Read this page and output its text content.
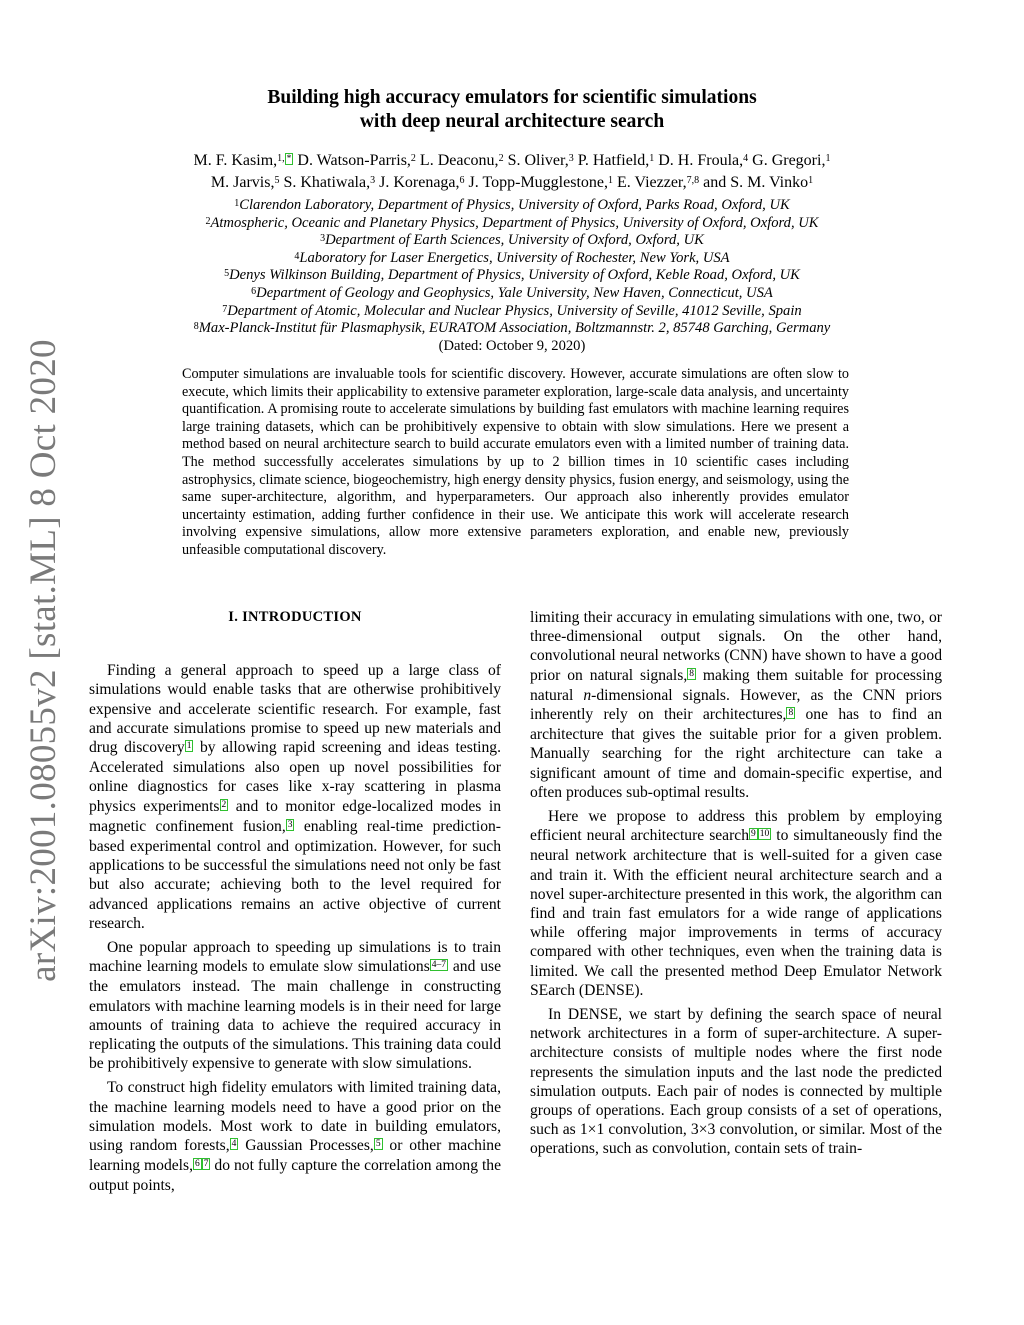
arXiv:2001.08055v2 [stat.ML] 8 Oct 2020
Building high accuracy emulators for scientific simulations
with deep neural architecture search
M. F. Kasim,$^{1, *}$ D. Watson-Parris,$^2$ L. Deaconu,$^2$ S. Oliver,$^3$ P. Hatfield,$^1$ D. H. Froula,$^4$ G. Gregori,$^1$
M. Jarvis,$^5$ S. Khatiwala,$^3$ J. Korenaga,$^6$ J. Topp-Mugglestone,$^1$ E. Viezzer,$^{7,8}$ and S. M. Vinko$^1$
$^1$Clarendon Laboratory, Department of Physics, University of Oxford, Parks Road, Oxford, UK
$^2$Atmospheric, Oceanic and Planetary Physics, Department of Physics, University of Oxford, Oxford, UK
$^3$Department of Earth Sciences, University of Oxford, Oxford, UK
$^4$Laboratory for Laser Energetics, University of Rochester, New York, USA
$^5$Denys Wilkinson Building, Department of Physics, University of Oxford, Keble Road, Oxford, UK
$^6$Department of Geology and Geophysics, Yale University, New Haven, Connecticut, USA
$^7$Department of Atomic, Molecular and Nuclear Physics, University of Seville, 41012 Seville, Spain
$^8$Max-Planck-Institut für Plasmaphysik, EURATOM Association, Boltzmannstr. 2, 85748 Garching, Germany
(Dated: October 9, 2020)
Computer simulations are invaluable tools for scientific discovery. However, accurate simulations are often slow to execute, which limits their applicability to extensive parameter exploration, large-scale data analysis, and uncertainty quantification. A promising route to accelerate simulations by building fast emulators with machine learning requires large training datasets, which can be prohibitively expensive to obtain with slow simulations. Here we present a method based on neural architecture search to build accurate emulators even with a limited number of training data. The method successfully accelerates simulations by up to 2 billion times in 10 scientific cases including astrophysics, climate science, biogeochemistry, high energy density physics, fusion energy, and seismology, using the same super-architecture, algorithm, and hyperparameters. Our approach also inherently provides emulator uncertainty estimation, adding further confidence in their use. We anticipate this work will accelerate research involving expensive simulations, allow more extensive parameters exploration, and enable new, previously unfeasible computational discovery.
I. INTRODUCTION

Finding a general approach to speed up a large class of simulations would enable tasks that are otherwise prohibitively expensive and accelerate scientific research. For example, fast and accurate simulations promise to speed up new materials and drug discovery $^1$ by allowing rapid screening and ideas testing. Accelerated simulations also open up novel possibilities for online diagnostics for cases like x-ray scattering in plasma physics experiments $^2$ and to monitor edge-localized modes in magnetic confinement fusion, $^3$ enabling real-time prediction-based experimental control and optimization. However, for such applications to be successful the simulations need not only be fast but also accurate; achieving both to the level required for advanced applications remains an active objective of current research.

One popular approach to speeding up simulations is to train machine learning models to emulate slow simulations $^{4-7}$ and use the emulators instead. The main challenge in constructing emulators with machine learning models is in their need for large amounts of training data to achieve the required accuracy in replicating the outputs of the simulations. This training data could be prohibitively expensive to generate with slow simulations.

To construct high fidelity emulators with limited training data, the machine learning models need to have a good prior on the simulation models. Most work to date in building emulators, using random forests, $^4$ Gaussian Processes, $^5$ or other machine learning models, $^{6 7}$ do not fully capture the correlation among the output points,

limiting their accuracy in emulating simulations with one, two, or three-dimensional output signals. On the other hand, convolutional neural networks (CNN) have shown to have a good prior on natural signals, $^8$ making them suitable for processing natural n-dimensional signals. However, as the CNN priors inherently rely on their architectures, $^8$ one has to find an architecture that gives the suitable prior for a given problem. Manually searching for the right architecture can take a significant amount of time and domain-specific expertise, and often produces sub-optimal results.

Here we propose to address this problem by employing efficient neural architecture search $^{9 10}$ to simultaneously find the neural network architecture that is well-suited for a given case and train it. With the efficient neural architecture search and a novel super-architecture presented in this work, the algorithm can find and train fast emulators for a wide range of applications while offering major improvements in terms of accuracy compared with other techniques, even when the training data is limited. We call the presented method Deep Emulator Network SEarch (DENSE).

In DENSE, we start by defining the search space of neural network architectures in a form of super-architecture. A super-architecture consists of multiple nodes where the first node represents the simulation inputs and the last node the predicted simulation outputs. Each pair of nodes is connected by multiple groups of operations. Each group consists of a set of operations, such as 1×1 convolution, 3×3 convolution, or similar. Most of the operations, such as convolution, contain sets of train-
